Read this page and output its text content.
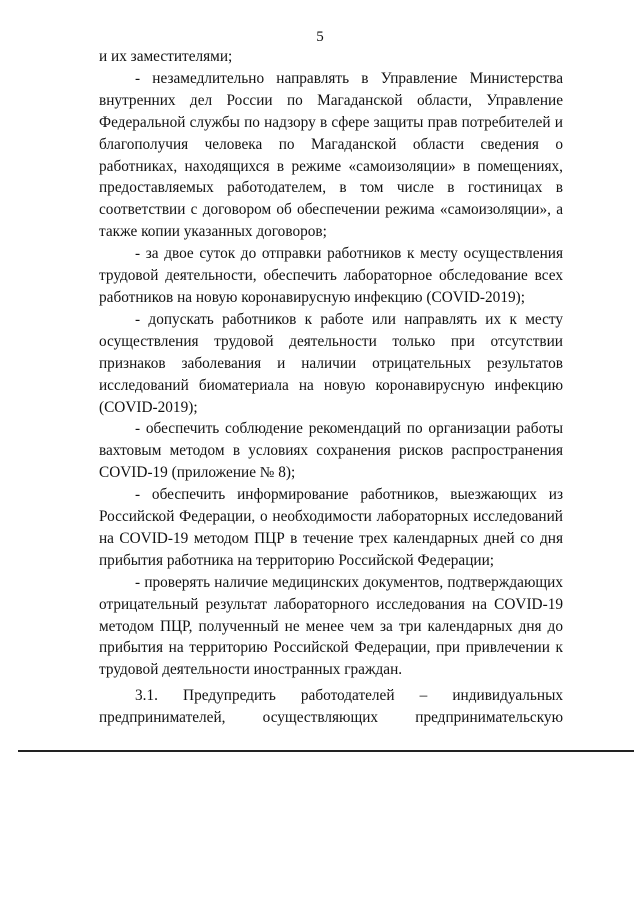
5

и их заместителями;

- незамедлительно направлять в Управление Министерства внутренних дел России по Магаданской области, Управление Федеральной службы по надзору в сфере защиты прав потребителей и благополучия человека по Магаданской области сведения о работниках, находящихся в режиме «самоизоляции» в помещениях, предоставляемых работодателем, в том числе в гостиницах в соответствии с договором об обеспечении режима «самоизоляции», а также копии указанных договоров;

- за двое суток до отправки работников к месту осуществления трудовой деятельности, обеспечить лабораторное обследование всех работников на новую коронавирусную инфекцию (COVID-2019);

- допускать работников к работе или направлять их к месту осуществления трудовой деятельности только при отсутствии признаков заболевания и наличии отрицательных результатов исследований биоматериала на новую коронавирусную инфекцию (COVID-2019);

- обеспечить соблюдение рекомендаций по организации работы вахтовым методом в условиях сохранения рисков распространения COVID-19 (приложение № 8);

- обеспечить информирование работников, выезжающих из Российской Федерации, о необходимости лабораторных исследований на COVID-19 методом ПЦР в течение трех календарных дней со дня прибытия работника на территорию Российской Федерации;

- проверять наличие медицинских документов, подтверждающих отрицательный результат лабораторного исследования на COVID-19 методом ПЦР, полученный не менее чем за три календарных дня до прибытия на территорию Российской Федерации, при привлечении к трудовой деятельности иностранных граждан.

3.1. Предупредить работодателей – индивидуальных предпринимателей, осуществляющих предпринимательскую
